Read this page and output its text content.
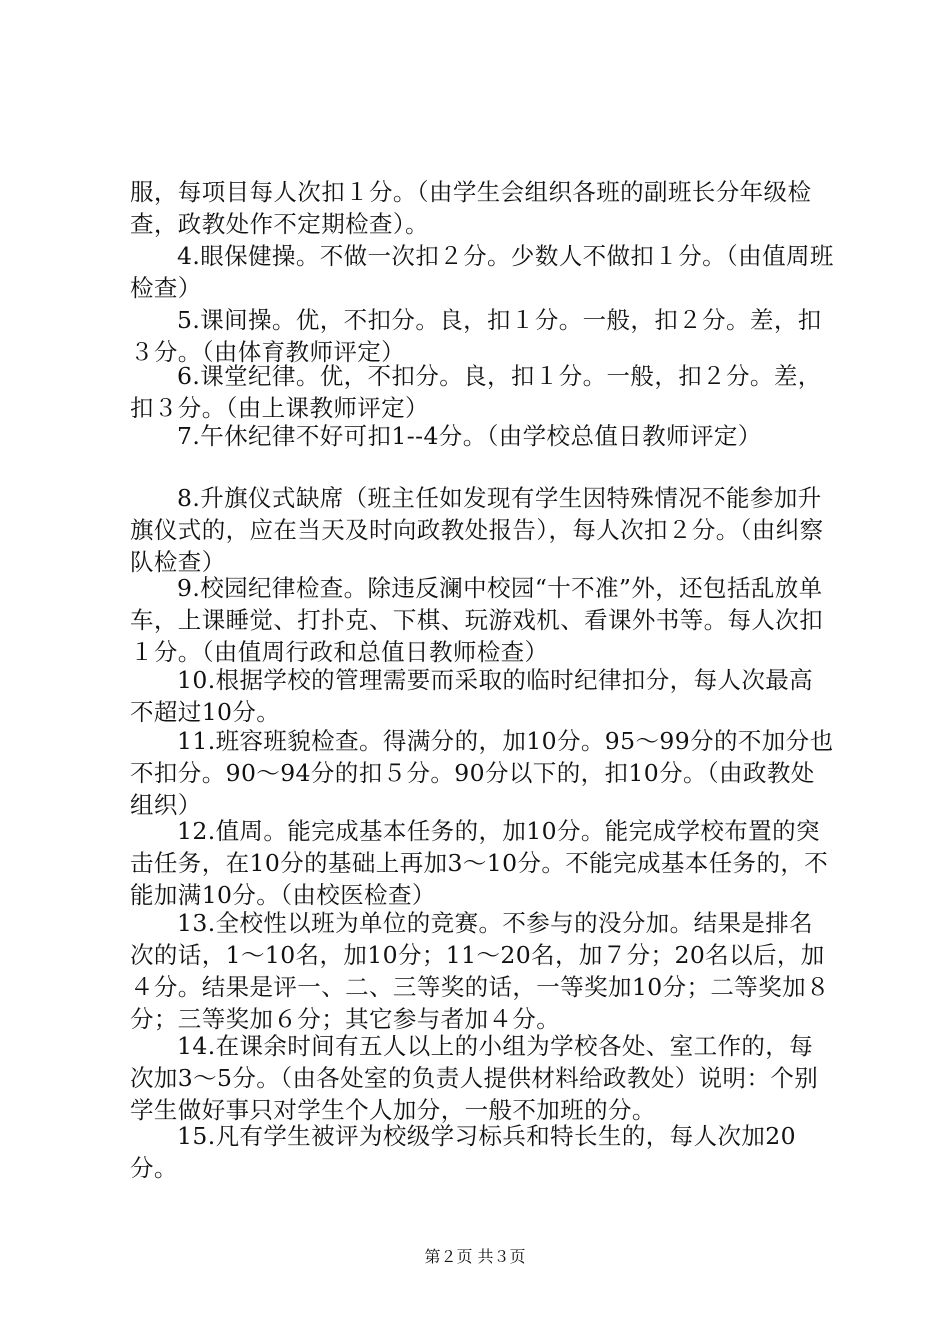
服，每项目每人次扣１分。（由学生会组织各班的副班长分年级检查，政教处作不定期检查）。

4.眼保健操。不做一次扣２分。少数人不做扣１分。（由值周班检查）

5.课间操。优，不扣分。良，扣１分。一般，扣２分。差，扣３分。（由体育教师评定）

6.课堂纪律。优，不扣分。良，扣１分。一般，扣２分。差，扣３分。（由上课教师评定）

7.午休纪律不好可扣1--4分。（由学校总值日教师评定）

8.升旗仪式缺席（班主任如发现有学生因特殊情况不能参加升旗仪式的，应在当天及时向政教处报告），每人次扣２分。（由纠察队检查）

9.校园纪律检查。除违反澜中校园“十不准”外，还包括乱放单车，上课睡觉、打扑克、下棋、玩游戏机、看课外书等。每人次扣１分。（由值周行政和总值日教师检查）

10.根据学校的管理需要而采取的临时纪律扣分，每人次最高不超过10分。

11.班容班貌检查。得满分的，加10分。95～99分的不加分也不扣分。90～94分的扣５分。90分以下的，扣10分。（由政教处组织）

12.值周。能完成基本任务的，加10分。能完成学校布置的突击任务，在10分的基础上再加3～10分。不能完成基本任务的，不能加满10分。（由校医检查）

13.全校性以班为单位的竞赛。不参与的没分加。结果是排名次的话，1～10名，加10分；11～20名，加７分；20名以后，加４分。结果是评一、二、三等奖的话，一等奖加10分；二等奖加８分；三等奖加６分；其它参与者加４分。

14.在课余时间有五人以上的小组为学校各处、室工作的，每次加3～5分。（由各处室的负责人提供材料给政教处）说明：个别学生做好事只对学生个人加分，一般不加班的分。

15.凡有学生被评为校级学习标兵和特长生的，每人次加20分。

第２页 共３页
